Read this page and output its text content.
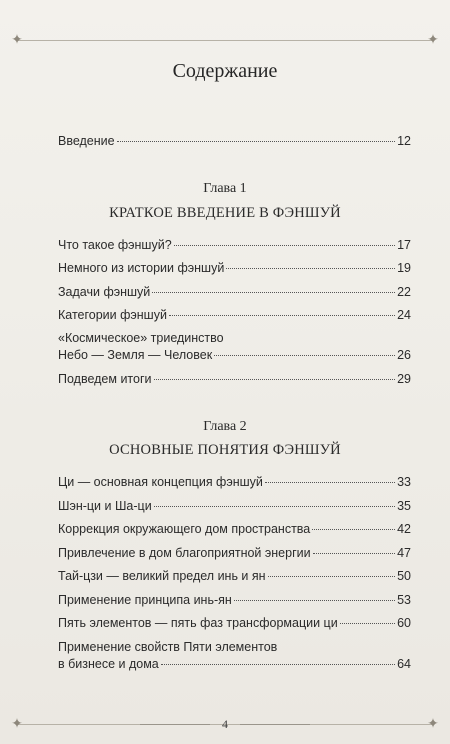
✦	✦
Содержание
Введение	12
Глава 1
КРАТКОЕ ВВЕДЕНИЕ В ФЭНШУЙ
Что такое фэншуй?	17
Немного из истории фэншуй	19
Задачи фэншуй	22
Категории фэншуй	24
«Космическое» триединство
Небо — Земля — Человек	26
Подведем итоги	29
Глава 2
ОСНОВНЫЕ ПОНЯТИЯ ФЭНШУЙ
Ци — основная концепция фэншуй	33
Шэн-ци и Ша-ци	35
Коррекция окружающего дом пространства	42
Привлечение в дом благоприятной энергии	47
Тай-цзи — великий предел инь и ян	50
Применение принципа инь-ян	53
Пять элементов — пять фаз трансформации ци	60
Применение свойств Пяти элементов
в бизнесе и дома	64
✦	✦
4
